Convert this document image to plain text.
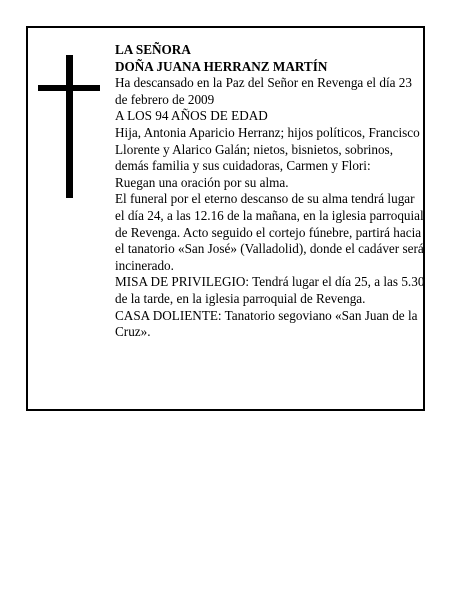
LA SEÑORA

DOÑA JUANA HERRANZ MARTÍN

Ha descansado en la Paz del Señor en Revenga el día 23 de febrero de 2009

A LOS 94 AÑOS DE EDAD

Hija, Antonia Aparicio Herranz; hijos políticos, Francisco Llorente y Alarico Galán; nietos, bisnietos, sobrinos, demás familia y sus cuidadoras, Carmen y Flori:

Ruegan una oración por su alma.

El funeral por el eterno descanso de su alma tendrá lugar el día 24, a las 12.16 de la mañana, en la iglesia parroquial de Revenga. Acto seguido el cortejo fúnebre, partirá hacia el tanatorio «San José» (Valladolid), donde el cadáver será incinerado.

MISA DE PRIVILEGIO: Tendrá lugar el día 25, a las 5.30 de la tarde, en la iglesia parroquial de Revenga.

CASA DOLIENTE: Tanatorio segoviano «San Juan de la Cruz».
